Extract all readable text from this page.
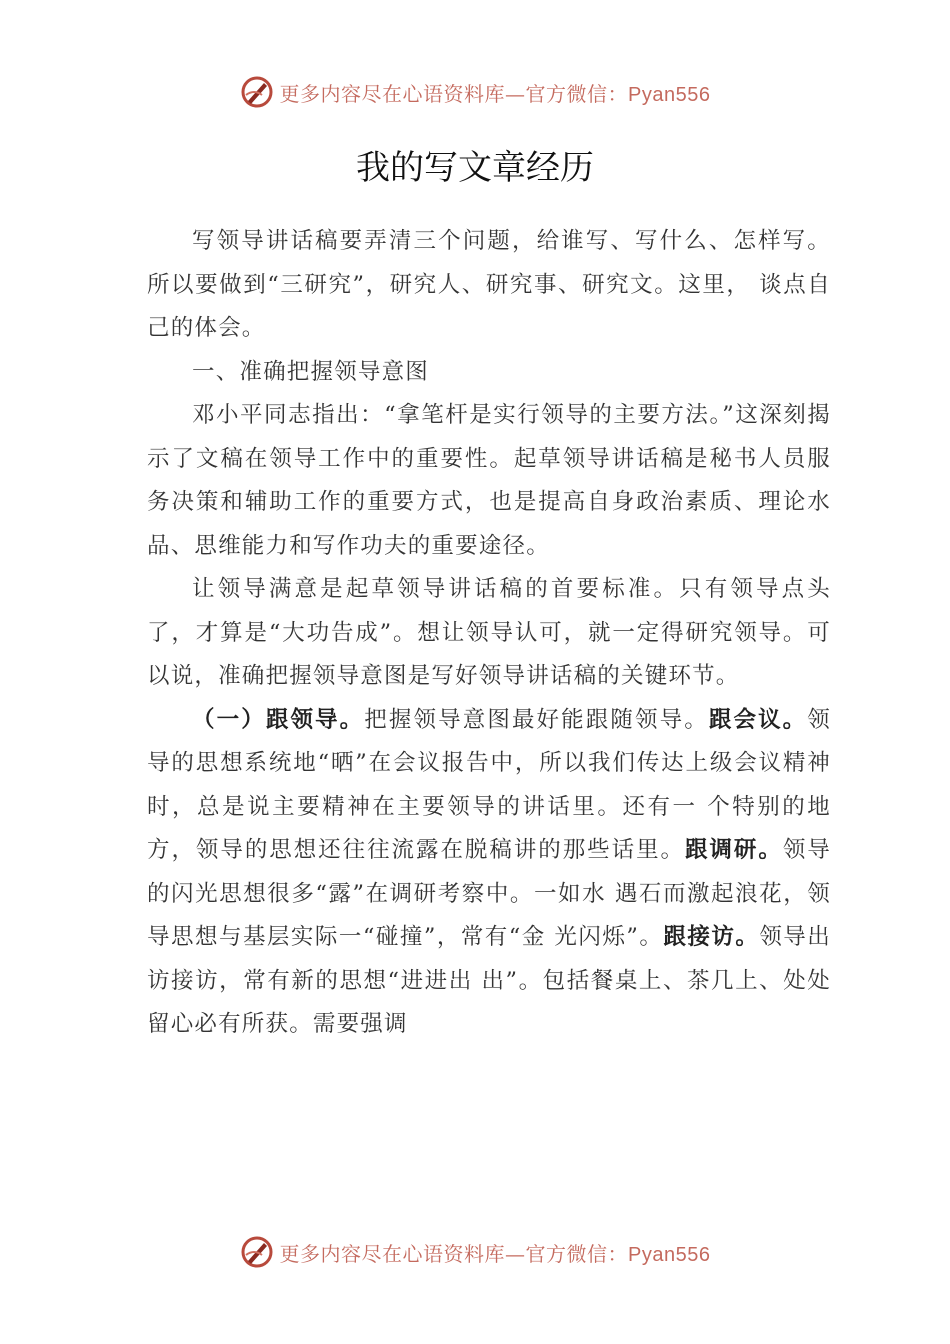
更多内容尽在心语资料库—官方微信：Pyan556
我的写文章经历

写领导讲话稿要弄清三个问题，给谁写、写什么、怎样写。所以要做到“三研究”，研究人、研究事、研究文。这里， 谈点自己的体会。

一、准确把握领导意图

邓小平同志指出：“拿笔杆是实行领导的主要方法。”这深刻揭示了文稿在领导工作中的重要性。起草领导讲话稿是秘书人员服务决策和辅助工作的重要方式，也是提高自身政治素质、理论水品、思维能力和写作功夫的重要途径。

让领导满意是起草领导讲话稿的首要标准。只有领导点头了，才算是“大功告成”。想让领导认可，就一定得研究领导。可以说，准确把握领导意图是写好领导讲话稿的关键环节。

（一）跟领导。把握领导意图最好能跟随领导。跟会议。领导的思想系统地“晒”在会议报告中，所以我们传达上级会议精神时，总是说主要精神在主要领导的讲话里。还有一 个特别的地方，领导的思想还往往流露在脱稿讲的那些话里。跟调研。领导的闪光思想很多“露”在调研考察中。一如水 遇石而激起浪花，领导思想与基层实际一“碰撞”，常有“金 光闪烁”。跟接访。领导出访接访，常有新的思想“进进出 出”。包括餐桌上、茶几上、处处留心必有所获。需要强调

更多内容尽在心语资料库—官方微信：Pyan556
